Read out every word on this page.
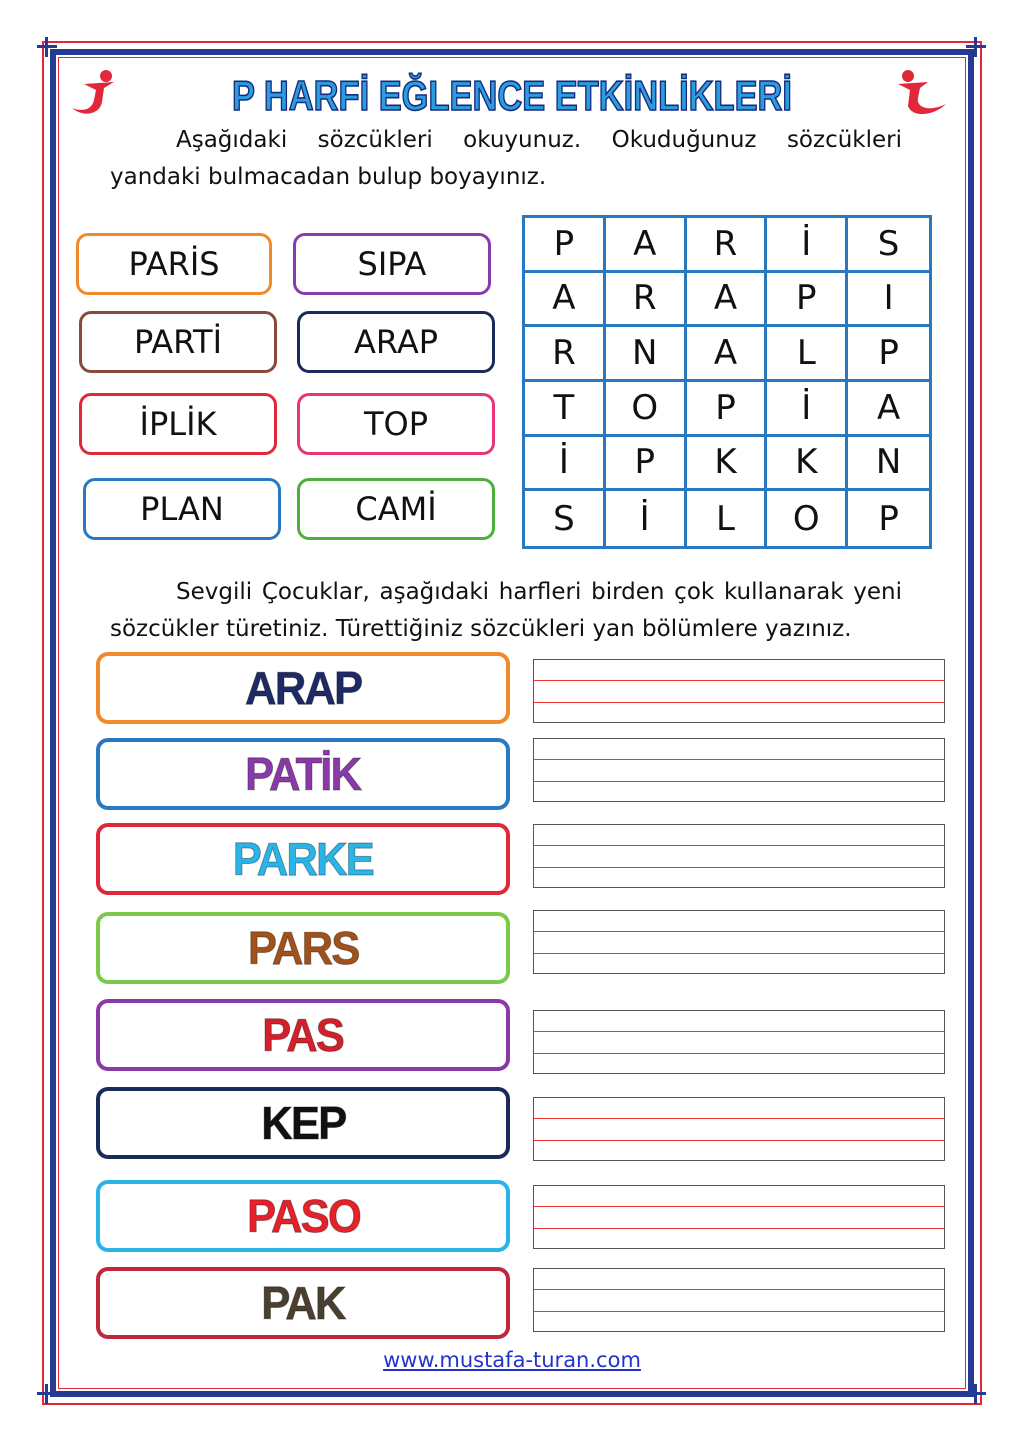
P HARFİ EĞLENCE ETKİNLİKLERİ
Aşağıdaki sözcükleri okuyunuz. Okuduğunuz sözcükleri yandaki bulmacadan bulup boyayınız.
PARİS	SIPA
PARTİ	ARAP
İPLİK	TOP
PLAN	CAMİ
P	A	R	İ	S
A	R	A	P	I
R	N	A	L	P
T	O	P	İ	A
İ	P	K	K	N
S	İ	L	O	P
Sevgili Çocuklar, aşağıdaki harfleri birden çok kullanarak yeni sözcükler türetiniz. Türettiğiniz sözcükleri yan bölümlere yazınız.
ARAP
PATİK
PARKE
PARS
PAS
KEP
PASO
PAK
www.mustafa-turan.com
